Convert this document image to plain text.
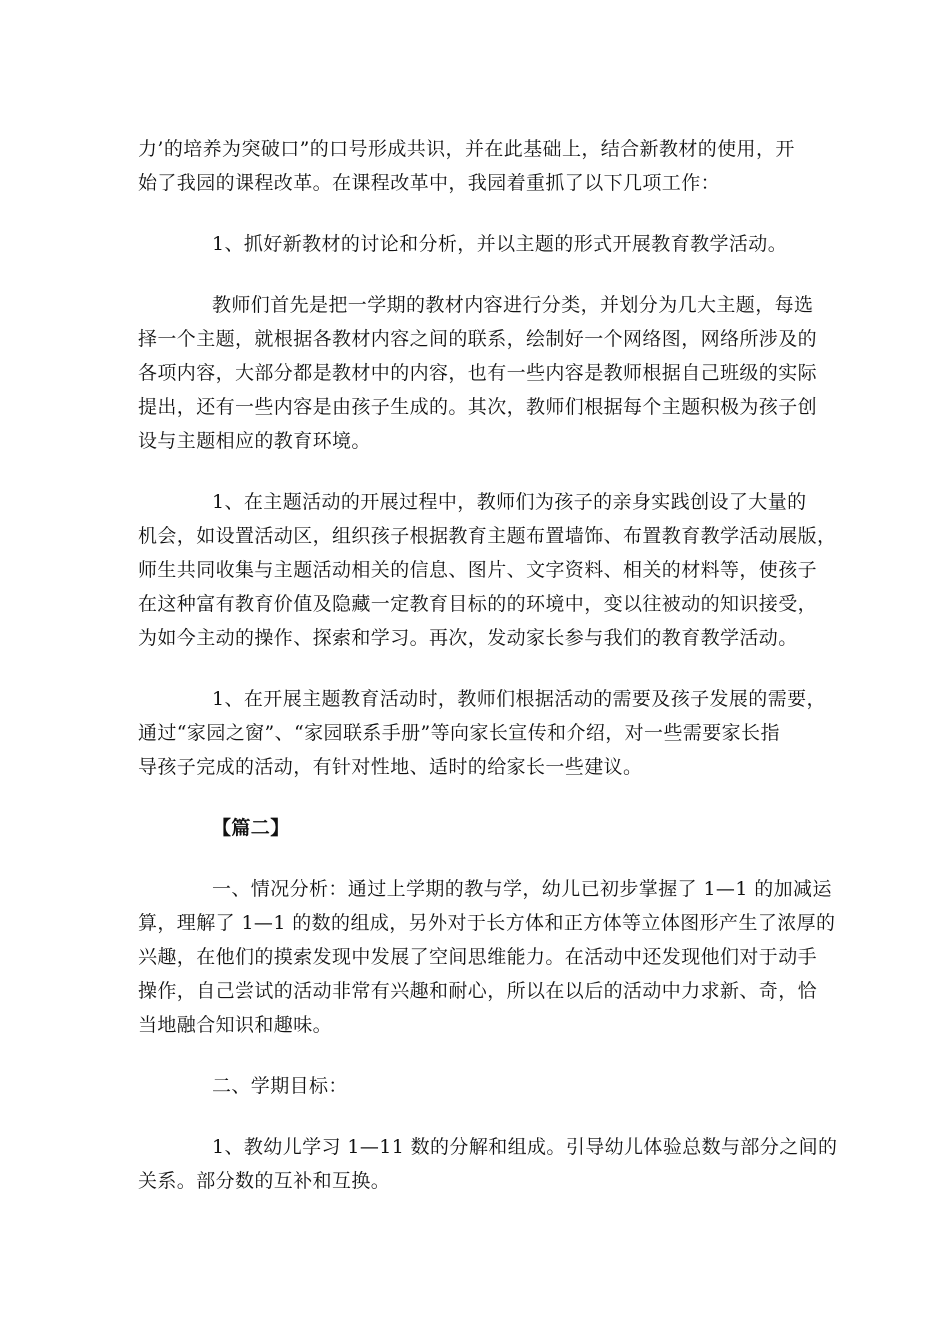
力’的培养为突破口”的口号形成共识，并在此基础上，结合新教材的使用，开
始了我园的课程改革。在课程改革中，我园着重抓了以下几项工作：
1、抓好新教材的讨论和分析，并以主题的形式开展教育教学活动。
教师们首先是把一学期的教材内容进行分类，并划分为几大主题，每选
择一个主题，就根据各教材内容之间的联系，绘制好一个网络图，网络所涉及的
各项内容，大部分都是教材中的内容，也有一些内容是教师根据自己班级的实际
提出，还有一些内容是由孩子生成的。其次，教师们根据每个主题积极为孩子创
设与主题相应的教育环境。
1、在主题活动的开展过程中，教师们为孩子的亲身实践创设了大量的
机会，如设置活动区，组织孩子根据教育主题布置墙饰、布置教育教学活动展版，
师生共同收集与主题活动相关的信息、图片、文字资料、相关的材料等，使孩子
在这种富有教育价值及隐藏一定教育目标的的环境中，变以往被动的知识接受，
为如今主动的操作、探索和学习。再次，发动家长参与我们的教育教学活动。
1、在开展主题教育活动时，教师们根据活动的需要及孩子发展的需要，
通过“家园之窗”、“家园联系手册”等向家长宣传和介绍，对一些需要家长指
导孩子完成的活动，有针对性地、适时的给家长一些建议。
【篇二】
一、情况分析：通过上学期的教与学，幼儿已初步掌握了 1—1 的加减运
算，理解了 1—1 的数的组成，另外对于长方体和正方体等立体图形产生了浓厚的
兴趣，在他们的摸索发现中发展了空间思维能力。在活动中还发现他们对于动手
操作，自己尝试的活动非常有兴趣和耐心，所以在以后的活动中力求新、奇，恰
当地融合知识和趣味。
二、学期目标：
1、教幼儿学习 1—11 数的分解和组成。引导幼儿体验总数与部分之间的
关系。部分数的互补和互换。
